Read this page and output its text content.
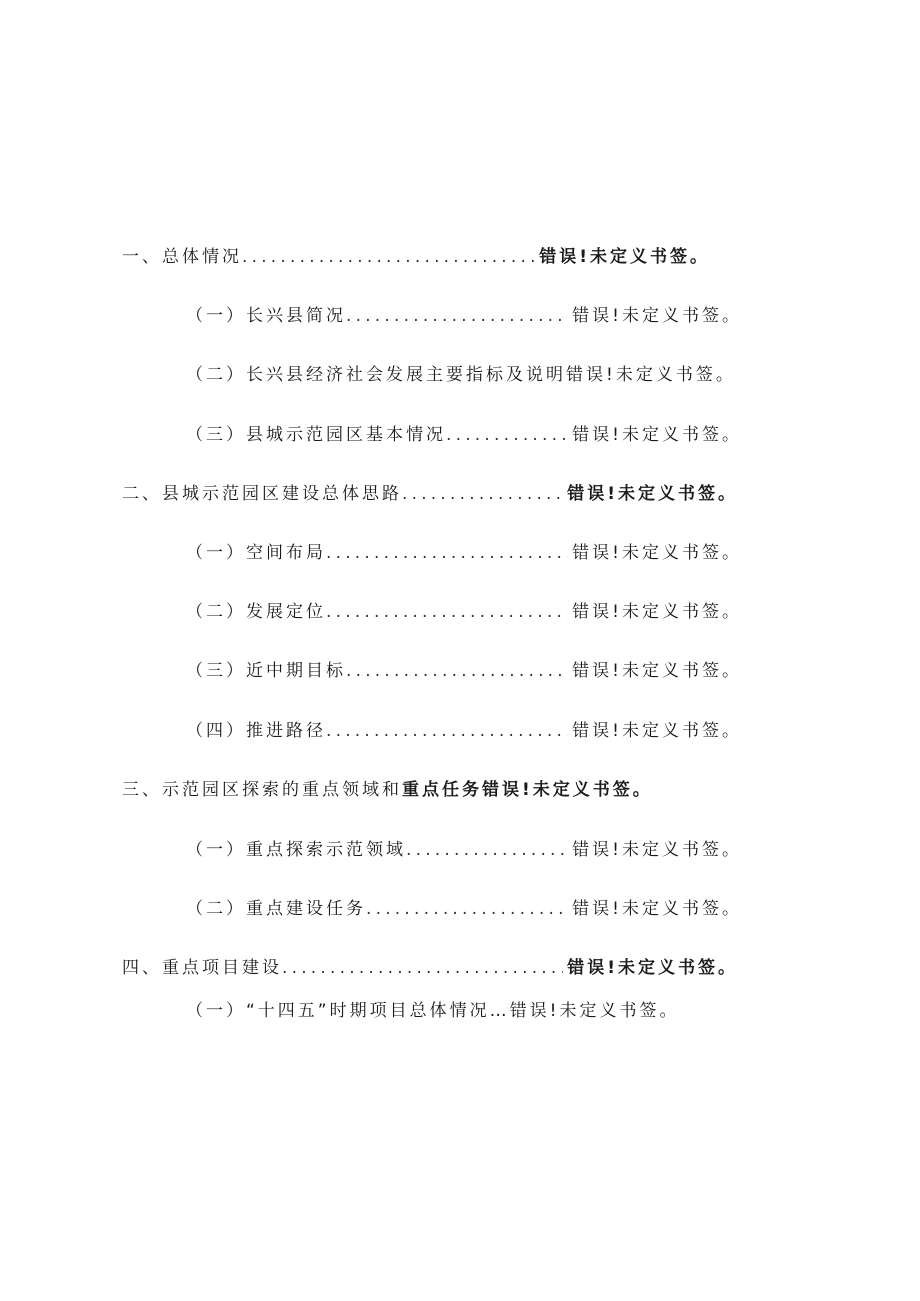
一、总体情况 .....	错误!未定义书签。
（一）长兴县简况 .....	错误!未定义书签。
（二）长兴县经济社会发展主要指标及说明 错误!未定义书签。
（三）县城示范园区基本情况 .....	错误!未定义书签。
二、县城示范园区建设总体思路 .....	错误!未定义书签。
（一）空间布局 .....	错误!未定义书签。
（二）发展定位 .....	错误!未定义书签。
（三）近中期目标 .....	错误!未定义书签。
（四）推进路径 .....	错误!未定义书签。
三、示范园区探索的重点领域和 重点任务 错误!未定义书签。
（一）重点探索示范领域 .....	错误!未定义书签。
（二）重点建设任务 .....	错误!未定义书签。
四、重点项目建设 .....	错误!未定义书签。
（一）“十四五”时期项目总体情况… 错误!未定义书签。
